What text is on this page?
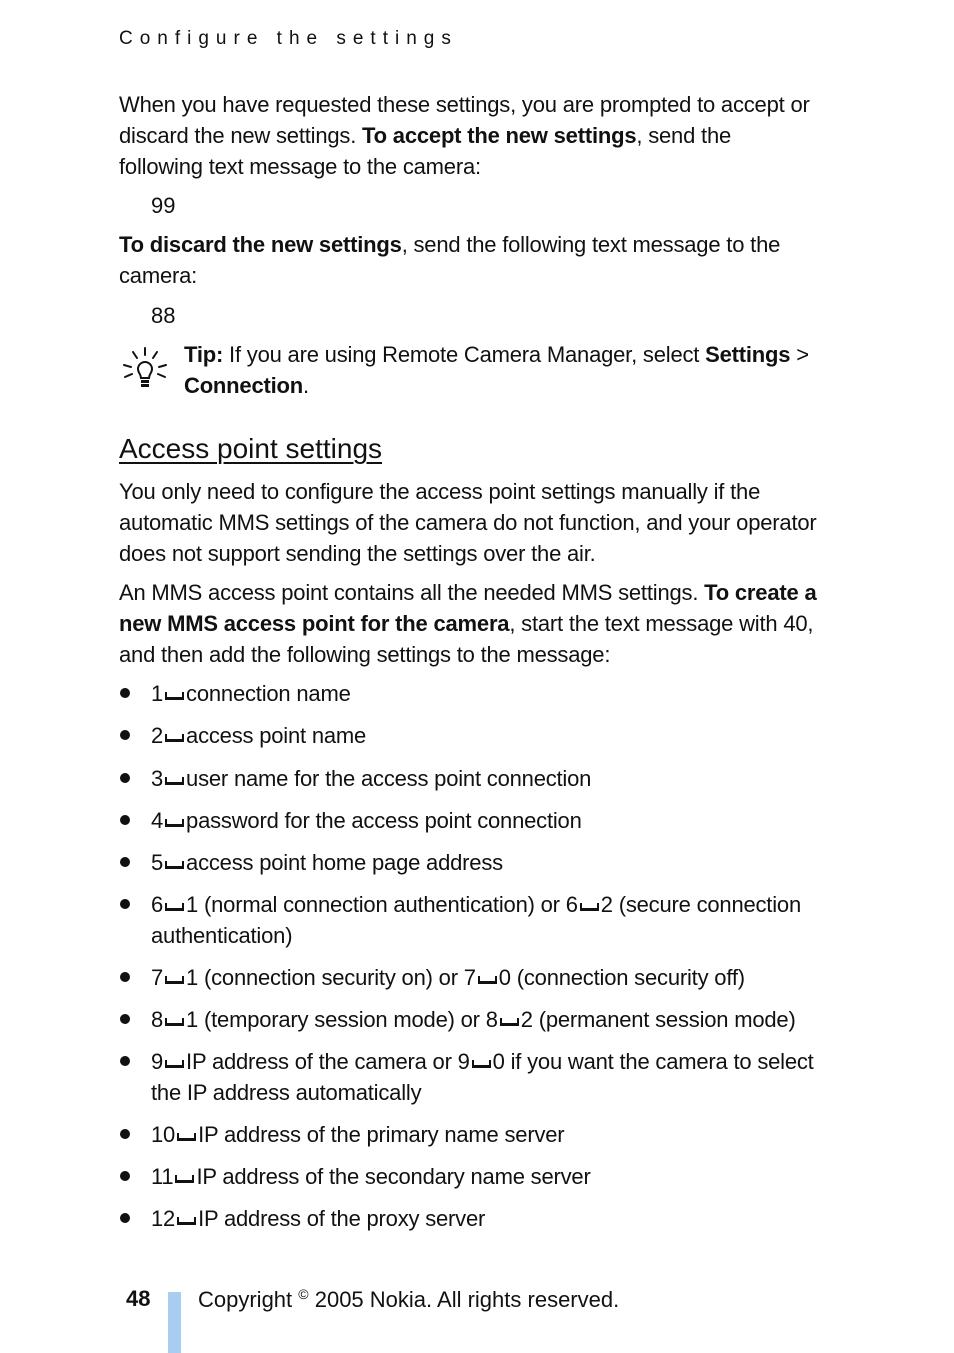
Configure the settings
When you have requested these settings, you are prompted to accept or discard the new settings. To accept the new settings, send the following text message to the camera:
99
To discard the new settings, send the following text message to the camera:
88
Tip: If you are using Remote Camera Manager, select Settings > Connection.
Access point settings
You only need to configure the access point settings manually if the automatic MMS settings of the camera do not function, and your operator does not support sending the settings over the air.
An MMS access point contains all the needed MMS settings. To create a new MMS access point for the camera, start the text message with 40, and then add the following settings to the message:
1 connection name
2 access point name
3 user name for the access point connection
4 password for the access point connection
5 access point home page address
6 1 (normal connection authentication) or 6 2 (secure connection authentication)
7 1 (connection security on) or 7 0 (connection security off)
8 1 (temporary session mode) or 8 2 (permanent session mode)
9 IP address of the camera or 9 0 if you want the camera to select the IP address automatically
10 IP address of the primary name server
11 IP address of the secondary name server
12 IP address of the proxy server
48 Copyright © 2005 Nokia. All rights reserved.
